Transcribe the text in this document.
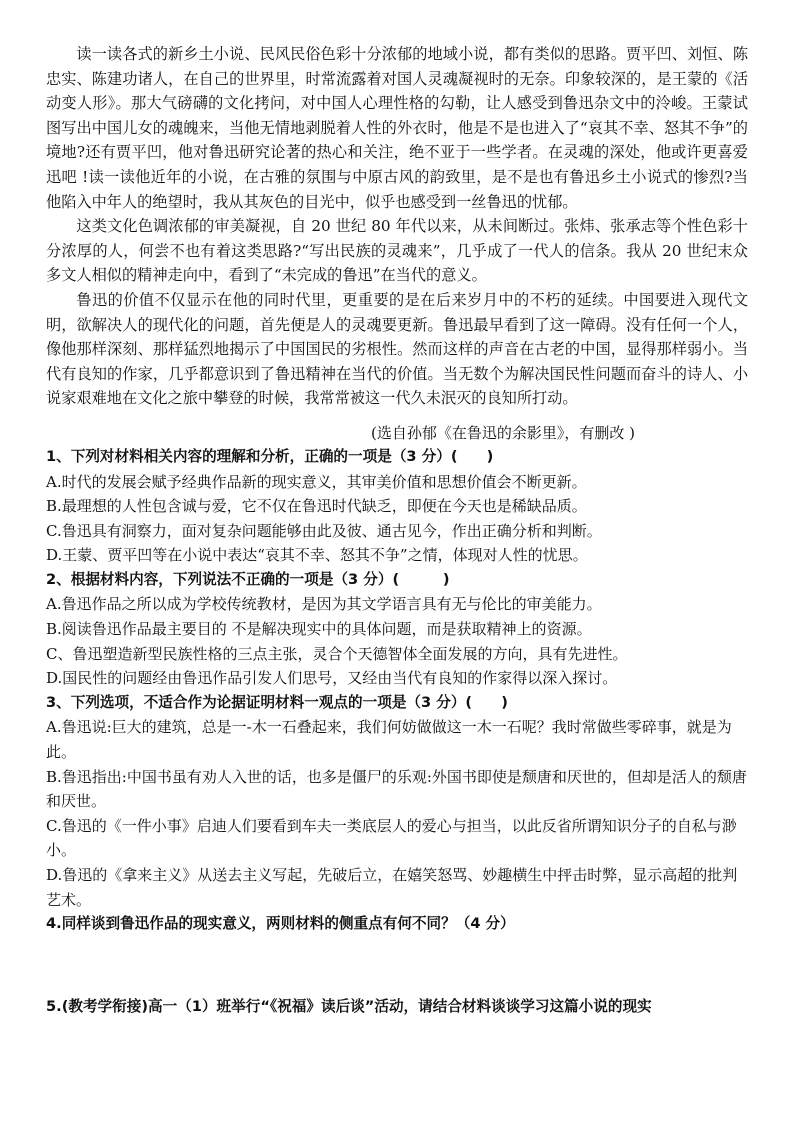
读一读各式的新乡土小说、民风民俗色彩十分浓郁的地域小说，都有类似的思路。贾平凹、刘恒、陈忠实、陈建功诸人，在自己的世界里，时常流露着对国人灵魂凝视时的无奈。印象较深的，是王蒙的《活动变人形》。那大气磅礴的文化拷问，对中国人心理性格的勾勒，让人感受到鲁迅杂文中的泠峻。王蒙试图写出中国儿女的魂魄来，当他无情地剥脱着人性的外衣时，他是不是也进入了“哀其不幸、怒其不争”的境地?还有贾平凹，他对鲁迅研究论著的热心和关注，绝不亚于一些学者。在灵魂的深处，他或许更喜爱迅吧 !读一读他近年的小说，在古雅的氛围与中原古风的韵致里，是不是也有鲁迅乡土小说式的惨烈?当他陷入中年人的绝望时，我从其灰色的目光中，似乎也感受到一丝鲁迅的忧郁。

这类文化色调浓郁的审美凝视，自 20 世纪 80 年代以来，从未间断过。张炜、张承志等个性色彩十分浓厚的人，何尝不也有着这类思路?“写出民族的灵魂来”，几乎成了一代人的信条。我从 20 世纪末众多文人相似的精神走向中，看到了“未完成的鲁迅”在当代的意义。

鲁迅的价值不仅显示在他的同时代里，更重要的是在后来岁月中的不朽的延续。中国要进入现代文明，欲解决人的现代化的问题，首先便是人的灵魂要更新。鲁迅最早看到了这一障碍。没有任何一个人，像他那样深刻、那样猛烈地揭示了中国国民的劣根性。然而这样的声音在古老的中国，显得那样弱小。当代有良知的作家，几乎都意识到了鲁迅精神在当代的价值。当无数个为解决国民性问题而奋斗的诗人、小说家艰难地在文化之旅中攀登的时候，我常常被这一代久未泯灭的良知所打动。

(选自孙郁《在鲁迅的余影里》，有删改 )

1、下列对材料相关内容的理解和分析，正确的一项是（3 分）(　　)

A.时代的发展会赋予经典作品新的现实意义，其审美价值和思想价值会不断更新。

B.最理想的人性包含诚与爱，它不仅在鲁迅时代缺乏，即便在今天也是稀缺品质。

C.鲁迅具有洞察力，面对复杂问题能够由此及彼、通古见今，作出正确分析和判断。

D.王蒙、贾平凹等在小说中表达“哀其不幸、怒其不争”之情，体现对人性的忧思。

2、根据材料内容，下列说法不正确的一项是（3 分）(　　　)

A.鲁迅作品之所以成为学校传统教材，是因为其文学语言具有无与伦比的审美能力。

B.阅读鲁迅作品最主要目的 不是解决现实中的具体问题，而是获取精神上的资源。

C、鲁迅塑造新型民族性格的三点主张，灵合个天德智体全面发展的方向，具有先进性。

D.国民性的问题经由鲁迅作品引发人们思号，又经由当代有良知的作家得以深入探讨。

3、下列选项，不适合作为论据证明材料一观点的一项是（3 分）(　　)

A.鲁迅说:巨大的建筑，总是一-木一石叠起来，我们何妨做做这一木一石呢？我时常做些零碎事，就是为此。

B.鲁迅指出:中国书虽有劝人入世的话，也多是僵尸的乐观:外国书即使是颓唐和厌世的，但却是活人的颓唐和厌世。

C.鲁迅的《一件小事》启迪人们要看到车夫一类底层人的爱心与担当，以此反省所谓知识分子的自私与渺小。

D.鲁迅的《拿来主义》从送去主义写起，先破后立，在嬉笑怒骂、妙趣横生中抨击时弊，显示高超的批判艺术。

4.同样谈到鲁迅作品的现实意义，两则材料的侧重点有何不同？（4 分）

5.(教考学衔接)高一（1）班举行“《祝福》读后谈”活动，请结合材料谈谈学习这篇小说的现实
